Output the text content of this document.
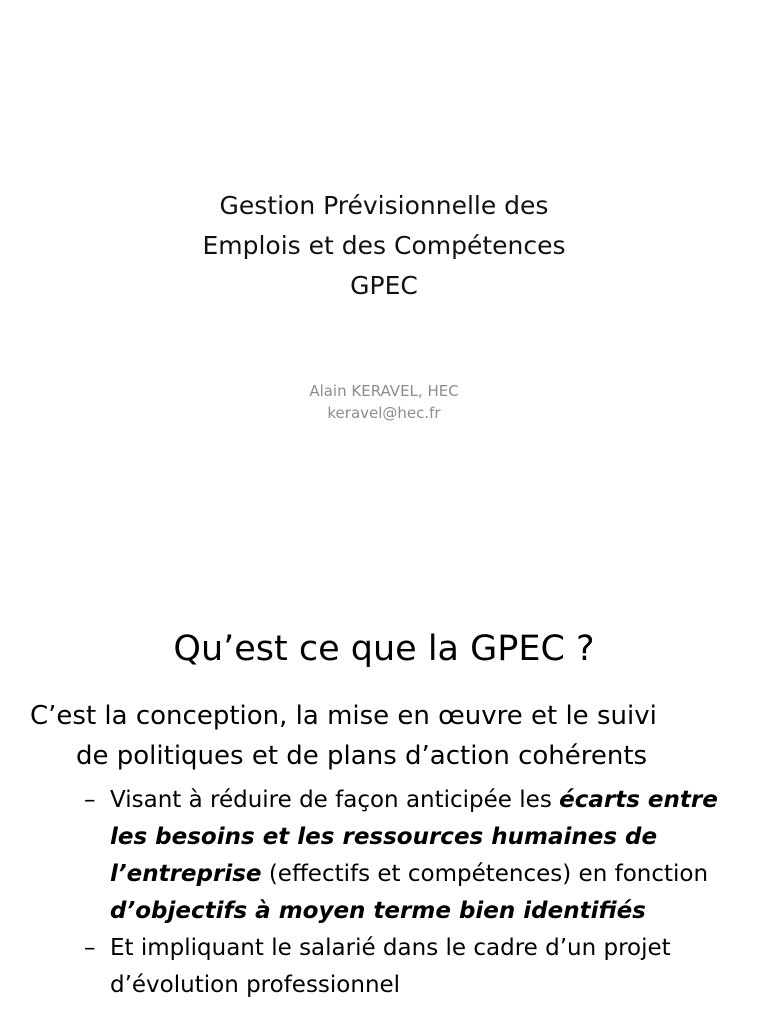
Gestion Prévisionnelle des
Emplois et des Compétences
GPEC
Alain KERAVEL, HEC
keravel@hec.fr
Qu’est ce que la GPEC ?
C’est la conception, la mise en œuvre et le suivi
de politiques et de plans d’action cohérents
– Visant à réduire de façon anticipée les écarts entre
les besoins et les ressources humaines de
l’entreprise (effectifs et compétences) en fonction
d’objectifs à moyen terme bien identifiés
– Et impliquant le salarié dans le cadre d’un projet
d’évolution professionnel
